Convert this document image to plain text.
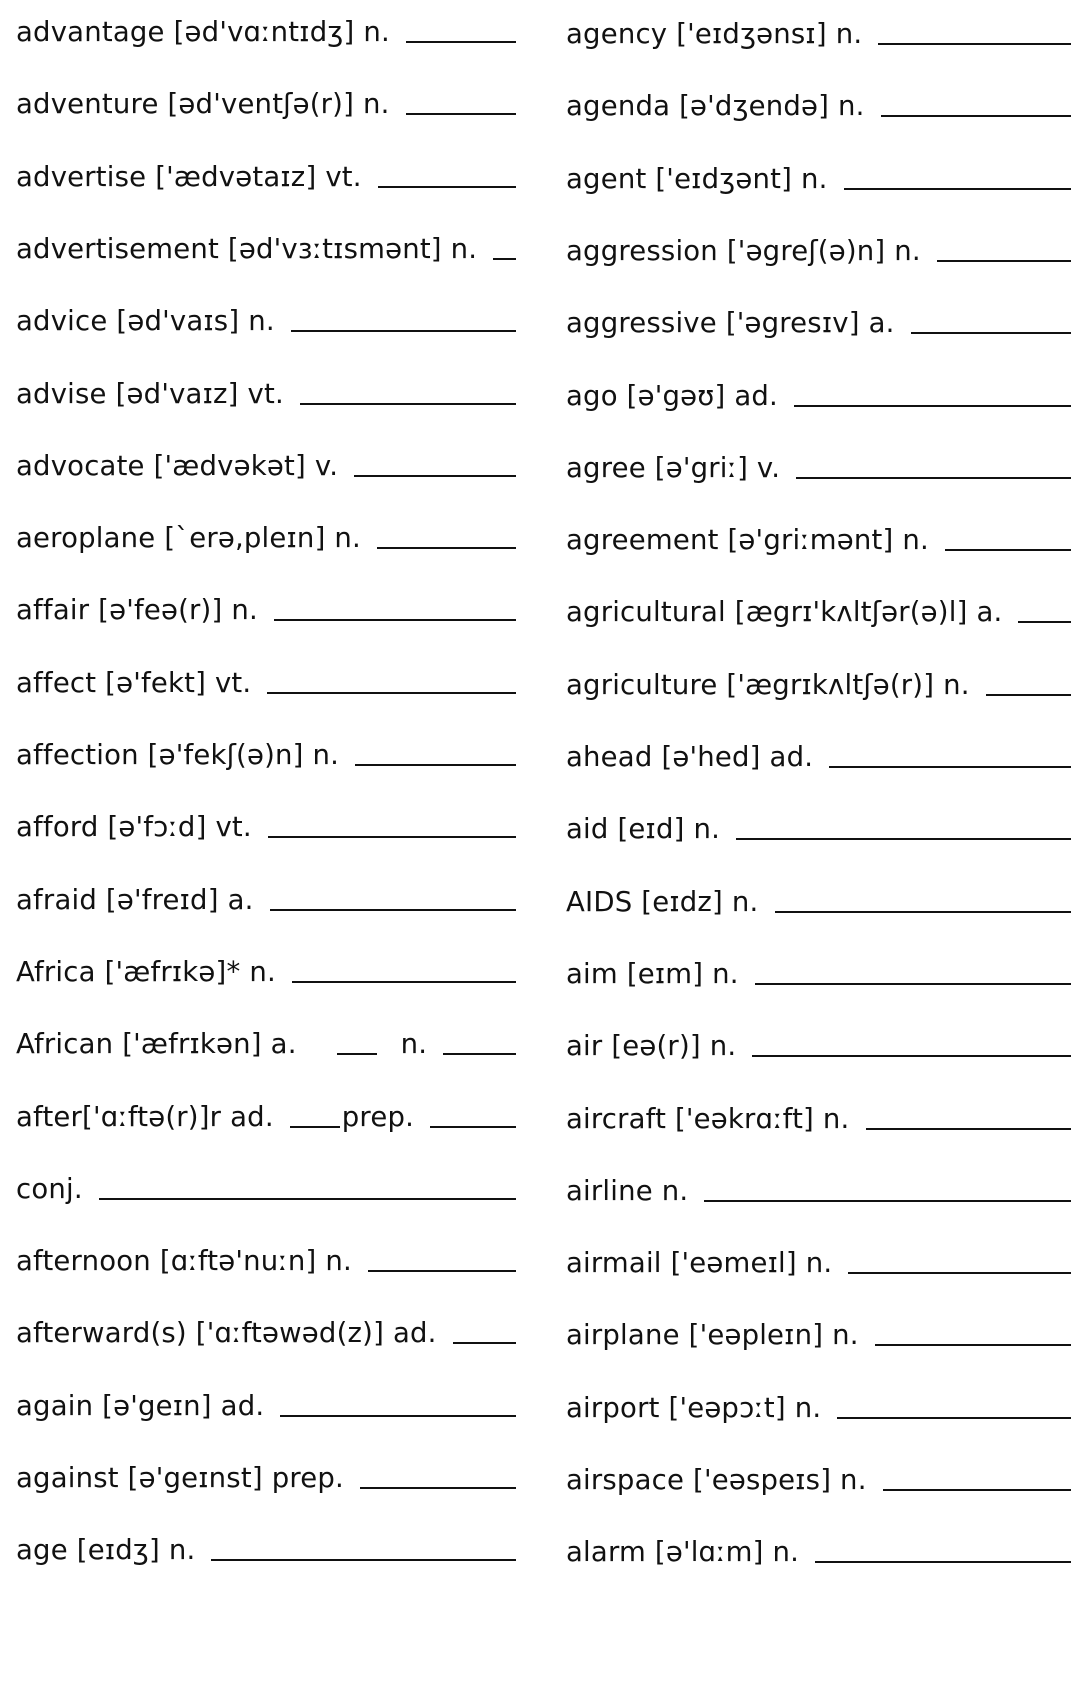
advantage [əd'vɑːntɪdʒ] n.
adventure [əd'ventʃə(r)] n.
advertise ['ædvətaɪz] vt.
advertisement [əd'vɜːtɪsmənt] n.
advice [əd'vaɪs] n.
advise [əd'vaɪz] vt.
advocate ['ædvəkət] v.
aeroplane [`erə,pleɪn] n.
affair [ə'feə(r)] n.
affect [ə'fekt] vt.
affection [ə'fekʃ(ə)n] n.
afford [ə'fɔːd] vt.
afraid [ə'freɪd] a.
Africa ['æfrɪkə]* n.
African ['æfrɪkən] a.	n.
after['ɑːftə(r)]r ad. prep.
conj.
afternoon [ɑːftə'nuːn] n.
afterward(s) ['ɑːftəwəd(z)] ad.
again [ə'geɪn] ad.
against [ə'geɪnst] prep.
age [eɪdʒ] n.
agency ['eɪdʒənsɪ] n.
agenda [ə'dʒendə] n.
agent ['eɪdʒənt] n.
aggression ['əgreʃ(ə)n] n.
aggressive ['əgresɪv] a.
ago [ə'gəʊ] ad.
agree [ə'griː] v.
agreement [ə'griːmənt] n.
agricultural [ægrɪ'kʌltʃər(ə)l] a.
agriculture ['ægrɪkʌltʃə(r)] n.
ahead [ə'hed] ad.
aid [eɪd] n.
AIDS [eɪdz] n.
aim [eɪm] n.
air [eə(r)] n.
aircraft ['eəkrɑːft] n.
airline n.
airmail ['eəmeɪl] n.
airplane ['eəpleɪn] n.
airport ['eəpɔːt] n.
airspace ['eəspeɪs] n.
alarm [ə'lɑːm] n.
